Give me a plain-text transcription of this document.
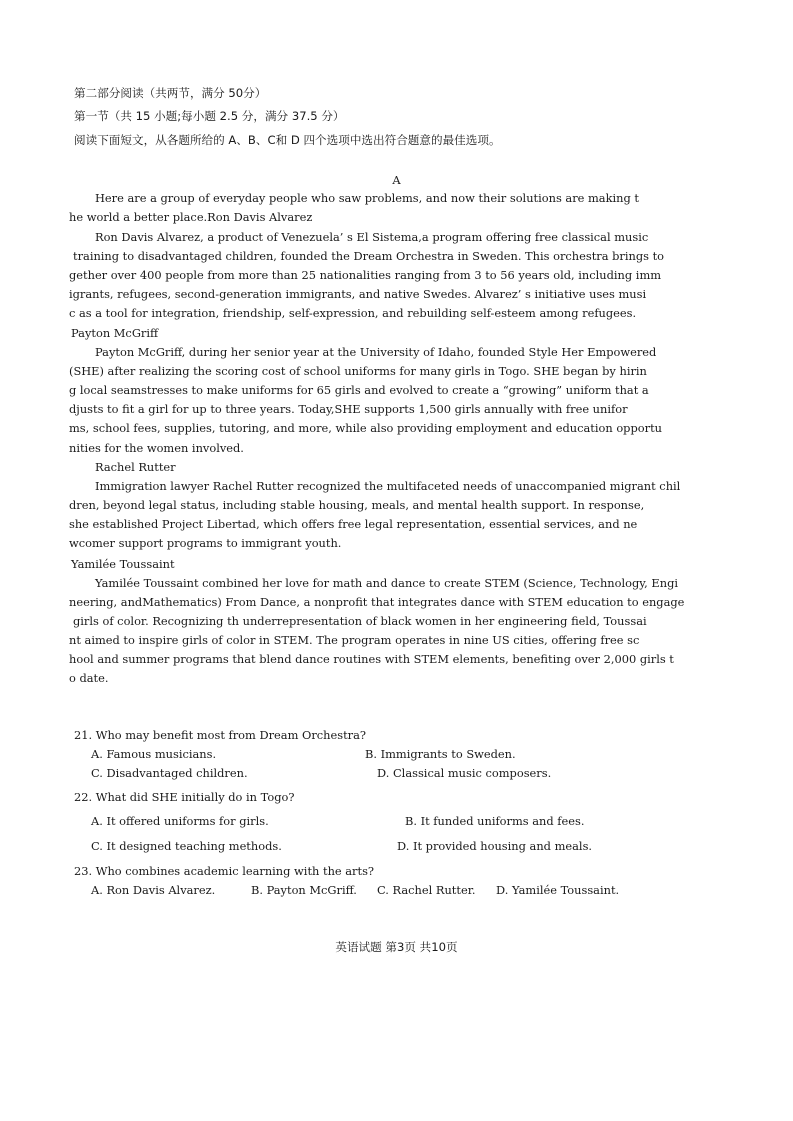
第二部分阅读（共两节，满分 50分）
第一节（共 15 小题;每小题 2.5 分，满分 37.5 分）
阅读下面短文，从各题所给的 A、B、C和 D 四个选项中选出符合题意的最佳选项。
A
Here are a group of everyday people who saw problems, and now their solutions are making t
he world a better place.Ron Davis Alvarez
Ron Davis Alvarez, a product of Venezuela’ s El Sistema,a program offering free classical music
training to disadvantaged children, founded the Dream Orchestra in Sweden. This orchestra brings to
gether over 400 people from more than 25 nationalities ranging from 3 to 56 years old, including imm
igrants, refugees, second-generation immigrants, and native Swedes. Alvarez’ s initiative uses musi
c as a tool for integration, friendship, self-expression, and rebuilding self-esteem among refugees.
Payton McGriff
Payton McGriff, during her senior year at the University of Idaho, founded Style Her Empowered
(SHE) after realizing the scoring cost of school uniforms for many girls in Togo. SHE began by hirin
g local seamstresses to make uniforms for 65 girls and evolved to create a “growing” uniform that a
djusts to fit a girl for up to three years. Today,SHE supports 1,500 girls annually with free unifor
ms, school fees, supplies, tutoring, and more, while also providing employment and education opportu
nities for the women involved.
Rachel Rutter
Immigration lawyer Rachel Rutter recognized the multifaceted needs of unaccompanied migrant chil
dren, beyond legal status, including stable housing, meals, and mental health support. In response,
she established Project Libertad, which offers free legal representation, essential services, and ne
wcomer support programs to immigrant youth.
Yamilée Toussaint
Yamilée Toussaint combined her love for math and dance to create STEM (Science, Technology, Engi
neering, andMathematics) From Dance, a nonprofit that integrates dance with STEM education to engage
girls of color. Recognizing th underrepresentation of black women in her engineering field, Toussai
nt aimed to inspire girls of color in STEM. The program operates in nine US cities, offering free sc
hool and summer programs that blend dance routines with STEM elements, benefiting over 2,000 girls t
o date.
21. Who may benefit most from Dream Orchestra?
A. Famous musicians.	B. Immigrants to Sweden.
C. Disadvantaged children.	D. Classical music composers.
22. What did SHE initially do in Togo?
A. It offered uniforms for girls.	B. It funded uniforms and fees.
C. It designed teaching methods.	D. It provided housing and meals.
23. Who combines academic learning with the arts?
A. Ron Davis Alvarez.	B. Payton McGriff. C. Rachel Rutter. D. Yamilée Toussaint.
英语试题 第3页 共10页
